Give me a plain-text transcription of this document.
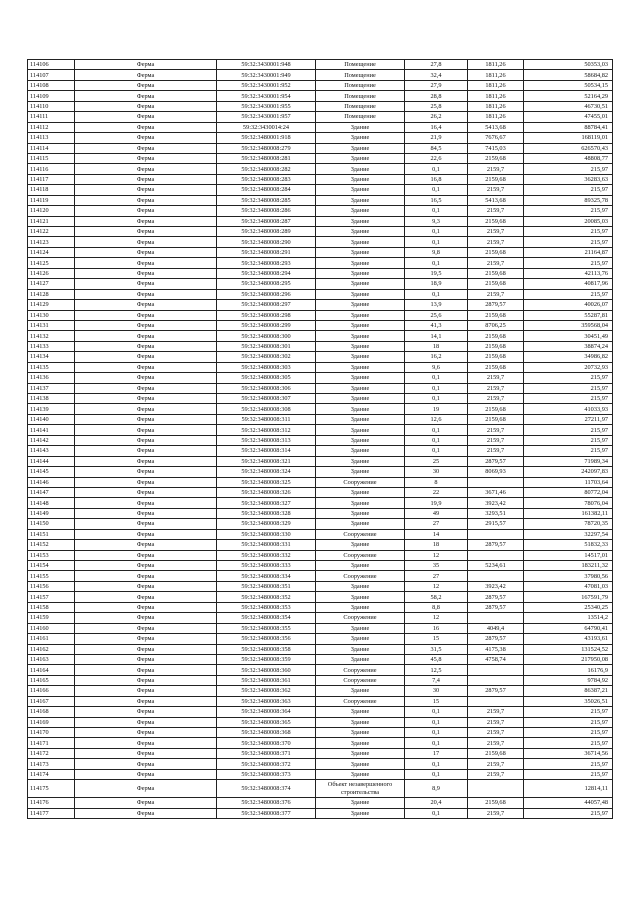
114106	Ферма	59:32:3430001:948	Помещение	27,8	1811,26	50353,03
114107	Ферма	59:32:3430001:949	Помещение	32,4	1811,26	58684,82
114108	Ферма	59:32:3430001:952	Помещение	27,9	1811,26	50534,15
114109	Ферма	59:32:3430001:954	Помещение	28,8	1811,26	52164,29
114110	Ферма	59:32:3430001:955	Помещение	25,8	1811,26	46730,51
114111	Ферма	59:32:3430001:957	Помещение	26,2	1811,26	47455,01
114112	Ферма	59:32:3430014:24	Здание	16,4	5413,68	88784,41
114113	Ферма	59:32:3480001:918	Здание	21,9	7676,67	168119,01
114114	Ферма	59:32:3480008:279	Здание	84,5	7415,03	626570,43
114115	Ферма	59:32:3480008:281	Здание	22,6	2159,68	48808,77
114116	Ферма	59:32:3480008:282	Здание	0,1	2159,7	215,97
114117	Ферма	59:32:3480008:283	Здание	16,8	2159,68	36283,63
114118	Ферма	59:32:3480008:284	Здание	0,1	2159,7	215,97
114119	Ферма	59:32:3480008:285	Здание	16,5	5413,68	89325,78
114120	Ферма	59:32:3480008:286	Здание	0,1	2159,7	215,97
114121	Ферма	59:32:3480008:287	Здание	9,3	2159,68	20085,03
114122	Ферма	59:32:3480008:289	Здание	0,1	2159,7	215,97
114123	Ферма	59:32:3480008:290	Здание	0,1	2159,7	215,97
114124	Ферма	59:32:3480008:291	Здание	9,8	2159,68	21164,87
114125	Ферма	59:32:3480008:293	Здание	0,1	2159,7	215,97
114126	Ферма	59:32:3480008:294	Здание	19,5	2159,68	42113,76
114127	Ферма	59:32:3480008:295	Здание	18,9	2159,68	40817,96
114128	Ферма	59:32:3480008:296	Здание	0,1	2159,7	215,97
114129	Ферма	59:32:3480008:297	Здание	13,9	2879,57	40026,07
114130	Ферма	59:32:3480008:298	Здание	25,6	2159,68	55287,81
114131	Ферма	59:32:3480008:299	Здание	41,3	8706,25	359568,04
114132	Ферма	59:32:3480008:300	Здание	14,1	2159,68	30451,49
114133	Ферма	59:32:3480008:301	Здание	18	2159,68	38874,24
114134	Ферма	59:32:3480008:302	Здание	16,2	2159,68	34986,82
114135	Ферма	59:32:3480008:303	Здание	9,6	2159,68	20732,93
114136	Ферма	59:32:3480008:305	Здание	0,1	2159,7	215,97
114137	Ферма	59:32:3480008:306	Здание	0,1	2159,7	215,97
114138	Ферма	59:32:3480008:307	Здание	0,1	2159,7	215,97
114139	Ферма	59:32:3480008:308	Здание	19	2159,68	41033,93
114140	Ферма	59:32:3480008:311	Здание	12,6	2159,68	27211,97
114141	Ферма	59:32:3480008:312	Здание	0,1	2159,7	215,97
114142	Ферма	59:32:3480008:313	Здание	0,1	2159,7	215,97
114143	Ферма	59:32:3480008:314	Здание	0,1	2159,7	215,97
114144	Ферма	59:32:3480008:321	Здание	25	2879,57	71989,34
114145	Ферма	59:32:3480008:324	Здание	30	8069,93	242097,83
114146	Ферма	59:32:3480008:325	Сооружение	8		11703,64
114147	Ферма	59:32:3480008:326	Здание	22	3671,46	80772,04
114148	Ферма	59:32:3480008:327	Здание	19,9	3923,42	78076,04
114149	Ферма	59:32:3480008:328	Здание	49	3293,51	161382,11
114150	Ферма	59:32:3480008:329	Здание	27	2915,57	78720,35
114151	Ферма	59:32:3480008:330	Сооружение	14		32297,54
114152	Ферма	59:32:3480008:331	Здание	18	2879,57	51832,33
114153	Ферма	59:32:3480008:332	Сооружение	12		14517,01
114154	Ферма	59:32:3480008:333	Здание	35	5234,61	183211,32
114155	Ферма	59:32:3480008:334	Сооружение	27		37980,56
114156	Ферма	59:32:3480008:351	Здание	12	3923,42	47081,03
114157	Ферма	59:32:3480008:352	Здание	58,2	2879,57	167591,79
114158	Ферма	59:32:3480008:353	Здание	8,8	2879,57	25340,25
114159	Ферма	59:32:3480008:354	Сооружение	12		13514,2
114160	Ферма	59:32:3480008:355	Здание	16	4049,4	64790,41
114161	Ферма	59:32:3480008:356	Здание	15	2879,57	43193,61
114162	Ферма	59:32:3480008:358	Здание	31,5	4175,38	131524,52
114163	Ферма	59:32:3480008:359	Здание	45,8	4758,74	217950,08
114164	Ферма	59:32:3480008:360	Сооружение	12,5		16176,9
114165	Ферма	59:32:3480008:361	Сооружение	7,4		9784,92
114166	Ферма	59:32:3480008:362	Здание	30	2879,57	86387,21
114167	Ферма	59:32:3480008:363	Сооружение	15		35026,51
114168	Ферма	59:32:3480008:364	Здание	0,1	2159,7	215,97
114169	Ферма	59:32:3480008:365	Здание	0,1	2159,7	215,97
114170	Ферма	59:32:3480008:368	Здание	0,1	2159,7	215,97
114171	Ферма	59:32:3480008:370	Здание	0,1	2159,7	215,97
114172	Ферма	59:32:3480008:371	Здание	17	2159,68	36714,56
114173	Ферма	59:32:3480008:372	Здание	0,1	2159,7	215,97
114174	Ферма	59:32:3480008:373	Здание	0,1	2159,7	215,97
114175	Ферма	59:32:3480008:374	Объект незавершенного строительства	8,9		12814,11
114176	Ферма	59:32:3480008:376	Здание	20,4	2159,68	44057,48
114177	Ферма	59:32:3480008:377	Здание	0,1	2159,7	215,97
